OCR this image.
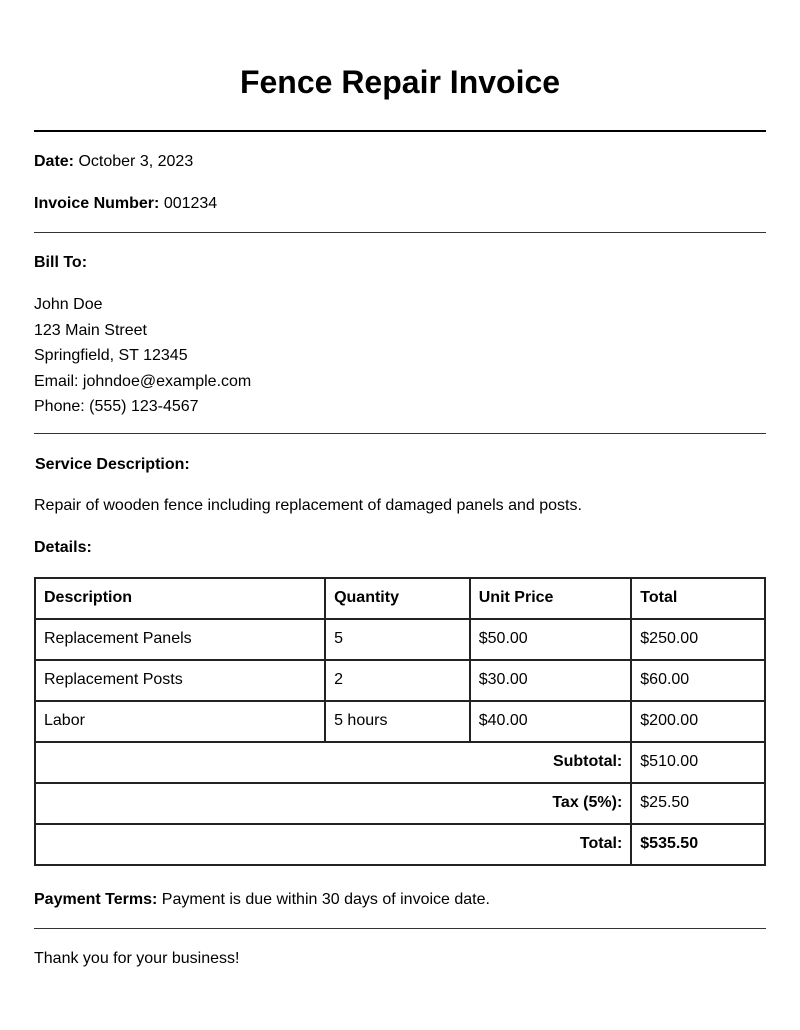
Fence Repair Invoice
Date: October 3, 2023
Invoice Number: 001234
Bill To:
John Doe
123 Main Street
Springfield, ST 12345
Email: johndoe@example.com
Phone: (555) 123-4567
Service Description:
Repair of wooden fence including replacement of damaged panels and posts.
Details:
Description	Quantity	Unit Price	Total
Replacement Panels	5	$50.00	$250.00
Replacement Posts	2	$30.00	$60.00
Labor	5 hours	$40.00	$200.00
Subtotal:			$510.00
Tax (5%):			$25.50
Total:			$535.50
Payment Terms: Payment is due within 30 days of invoice date.
Thank you for your business!
